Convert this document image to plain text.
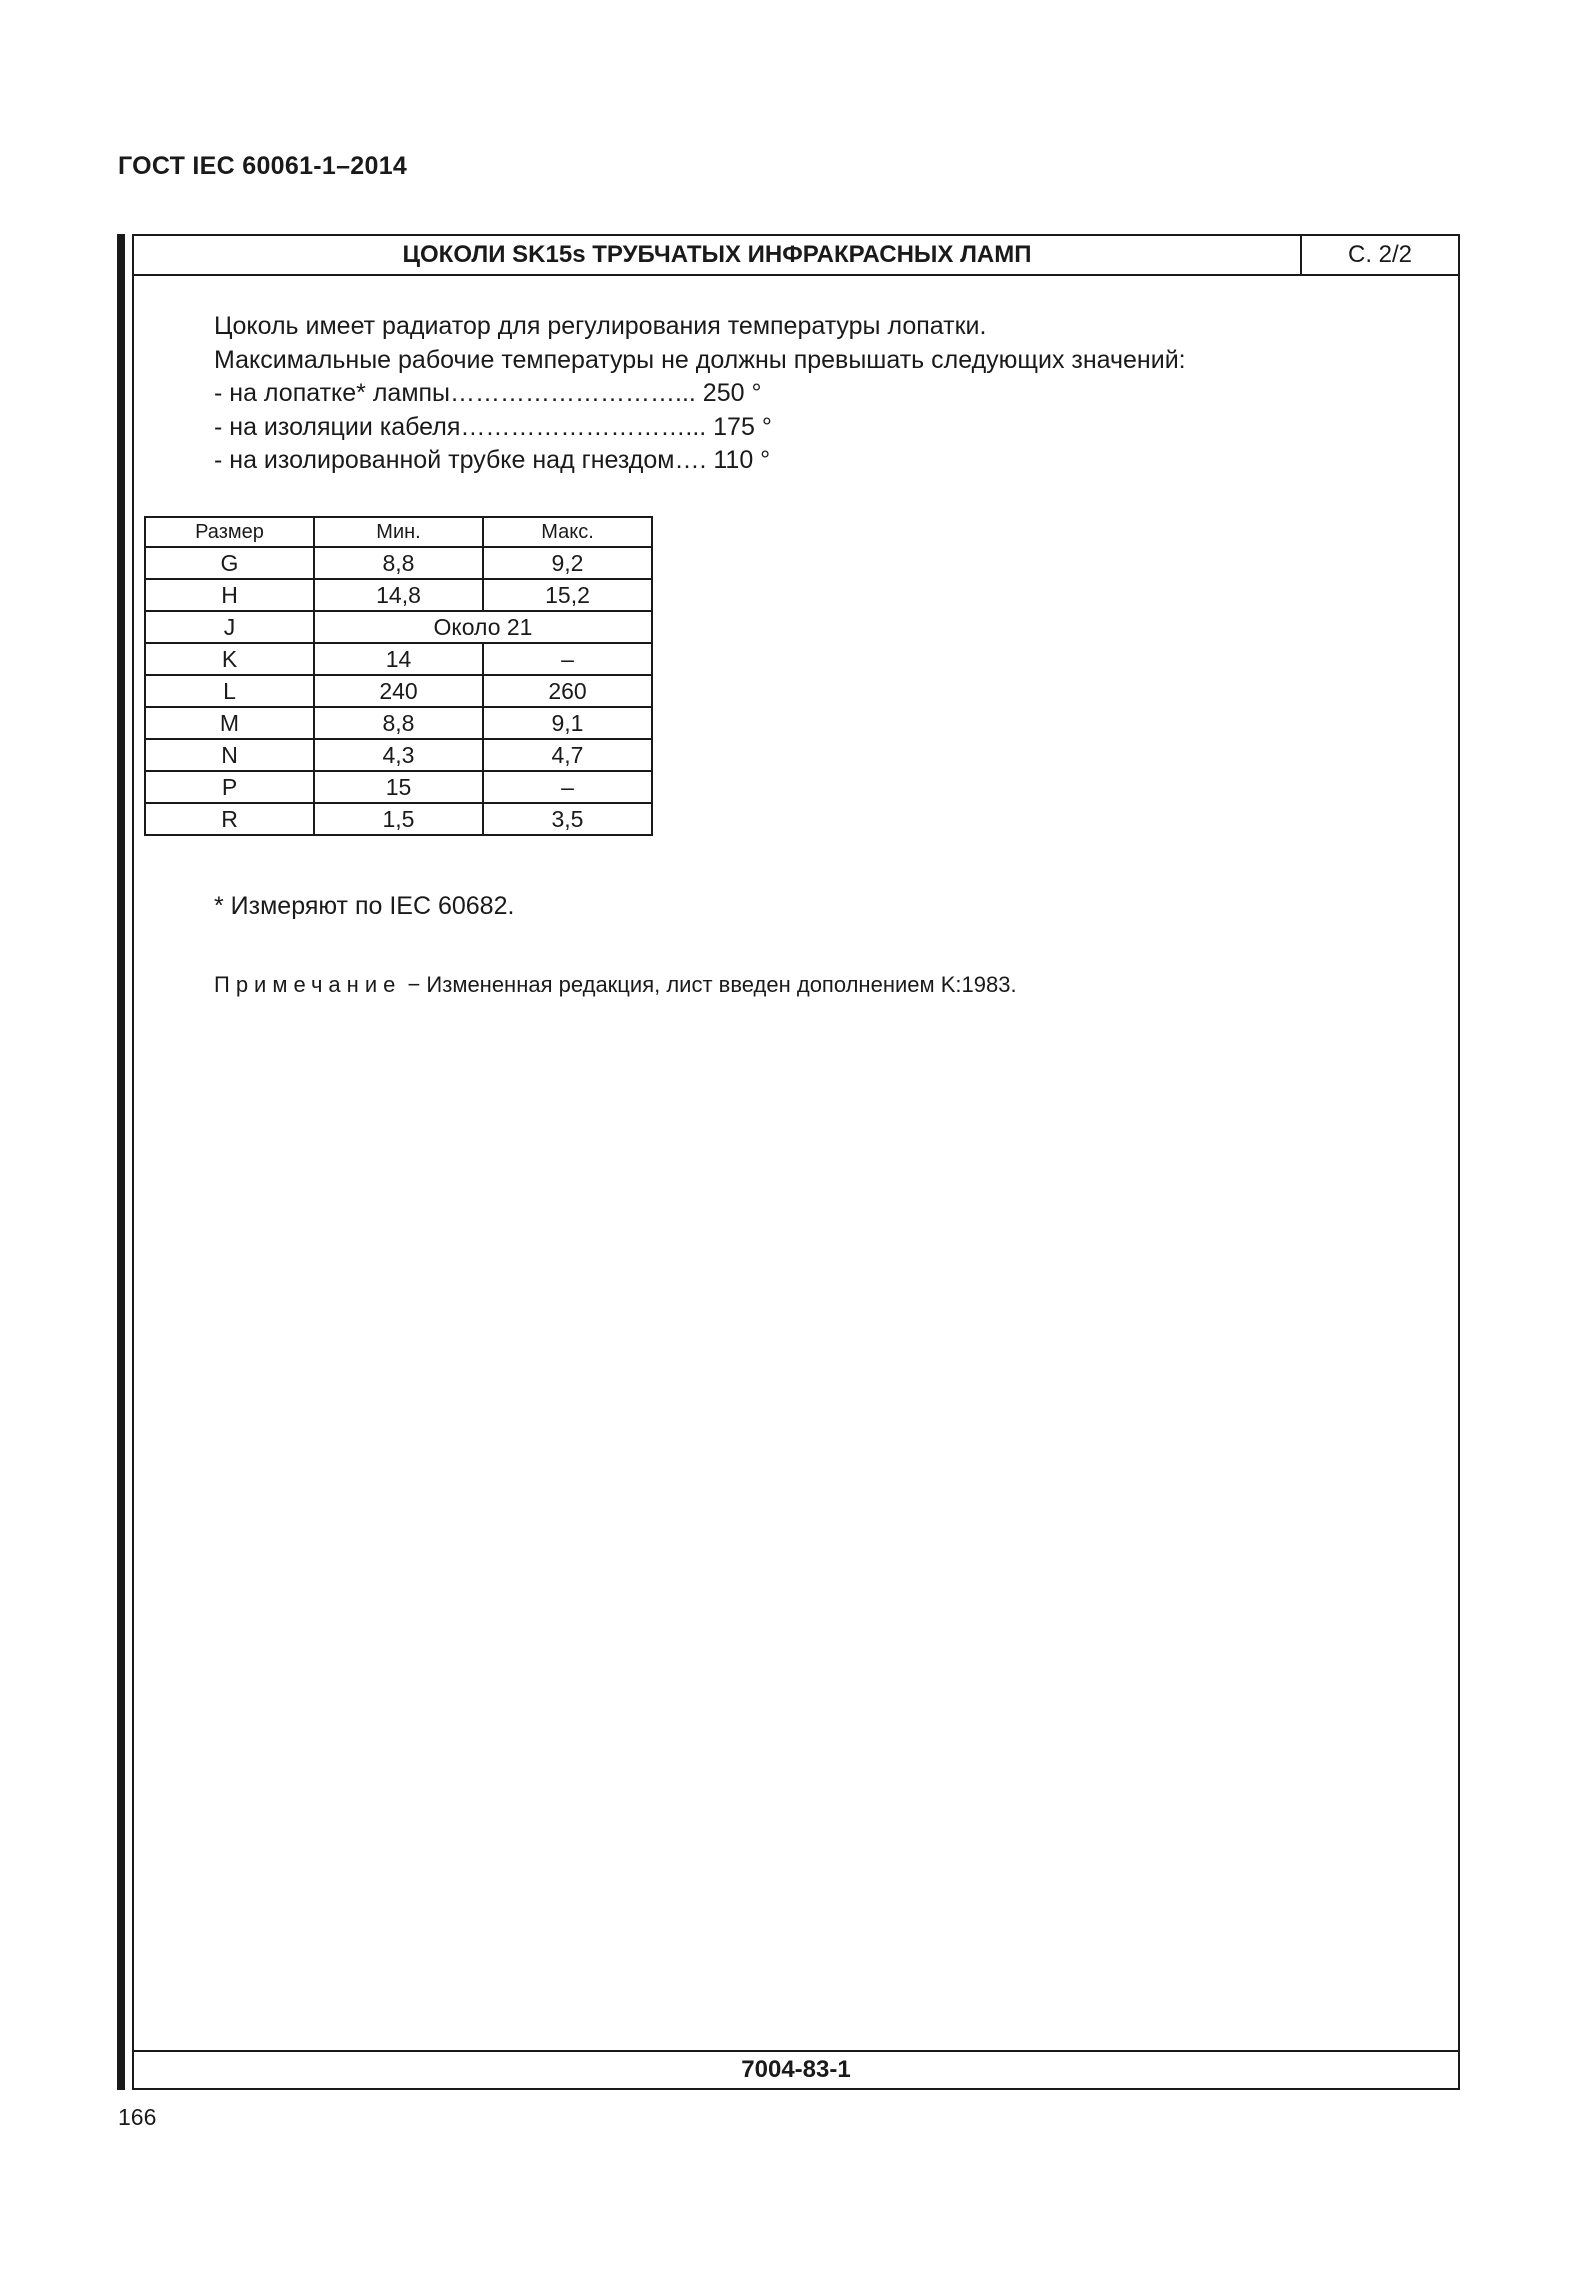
ГОСТ IEC 60061-1–2014
ЦОКОЛИ SK15s ТРУБЧАТЫХ ИНФРАКРАСНЫХ ЛАМП	С. 2/2
Цоколь имеет радиатор для регулирования температуры лопатки.
Максимальные рабочие температуры не должны превышать следующих значений:
- на лопатке* лампы………………………... 250 °
- на изоляции кабеля………………………... 175 °
- на изолированной трубке над гнездом…. 110 °
Размер	Мин.	Макс.
G	8,8	9,2
H	14,8	15,2
J	Около 21	
K	14	–
L	240	260
M	8,8	9,1
N	4,3	4,7
P	15	–
R	1,5	3,5
* Измеряют по IEC 60682.
Примечание − Измененная редакция, лист введен дополнением K:1983.
7004-83-1
166
